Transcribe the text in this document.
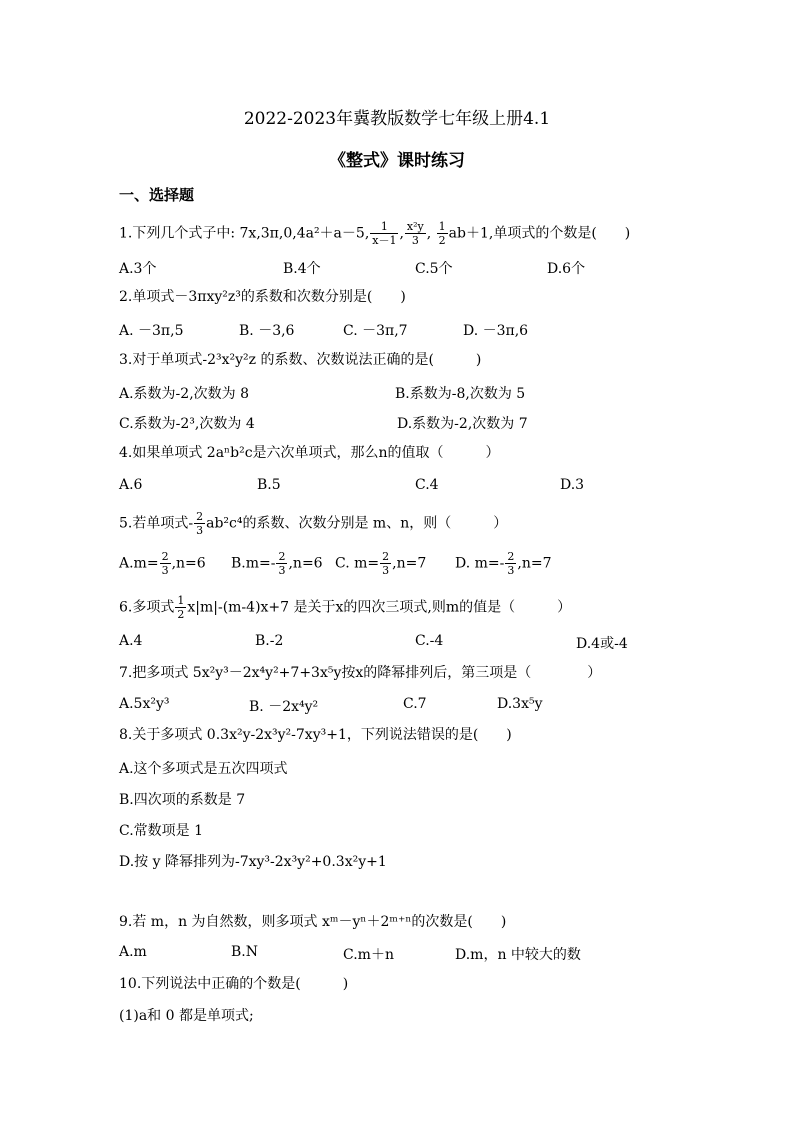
2022-2023年冀教版数学七年级上册4.1
《整式》课时练习
一、选择题
1.下列几个式子中: 7x,3π,0,4a²＋a－5, $\frac{1}{x-1}$ , $\frac{\text{x²y}}{3}$ , $\frac{1}{2} ab+1$,单项式的个数是(　　)
A.3个	B.4个	C.5个	D.6个
2.单项式－3πxy²z³的系数和次数分别是(　　)
A. －3π,5	B. －3,6	C. －3π,7	D. －3π,6
3.对于单项式-2³x²y²z 的系数、次数说法正确的是(　　　)
A.系数为-2,次数为 8	B.系数为-8,次数为 5
C.系数为-2³,次数为 4	D.系数为-2,次数为 7
4.如果单项式 2aⁿb²c是六次单项式，那么n的值取（　　　）
A.6	B.5	C.4	D.3
5.若单项式- $\frac{2}{3} ab^2c^4$的系数、次数分别是 m、n，则（　　　）
$A.m= \frac{2}{3} ,n=6$ $B.m=- \frac{2}{3} ,n=6$ C. $m= \frac{2}{3} ,n=7$ D. $m=- \frac{2}{3} ,n=7$
6.多项式 $\frac{1}{2} x|m|-(m-4)x+7$ 是关于x的四次三项式,则m的值是（　　　）
A.4	B.-2	C.-4	D.4或-4
7.把多项式 5x²y³－2x⁴y²+7+3x⁵y按x的降幂排列后，第三项是（　　　　）
A.5x²y³	B. －2x⁴y²	C.7	D.3x⁵y
8.关于多项式 0.3x²y-2x³y²-7xy³+1，下列说法错误的是(　　)
A.这个多项式是五次四项式
B.四次项的系数是 7
C.常数项是 1
D.按 y 降幂排列为-7xy³-2x³y²+0.3x²y+1
9.若 m，n 为自然数，则多项式 xᵐ－yⁿ＋2ᵐ⁺ⁿ的次数是(　　)
A.m	B.N	C.m＋n	D.m，n 中较大的数
10.下列说法中正确的个数是(　　　)
(1)a和 0 都是单项式;
